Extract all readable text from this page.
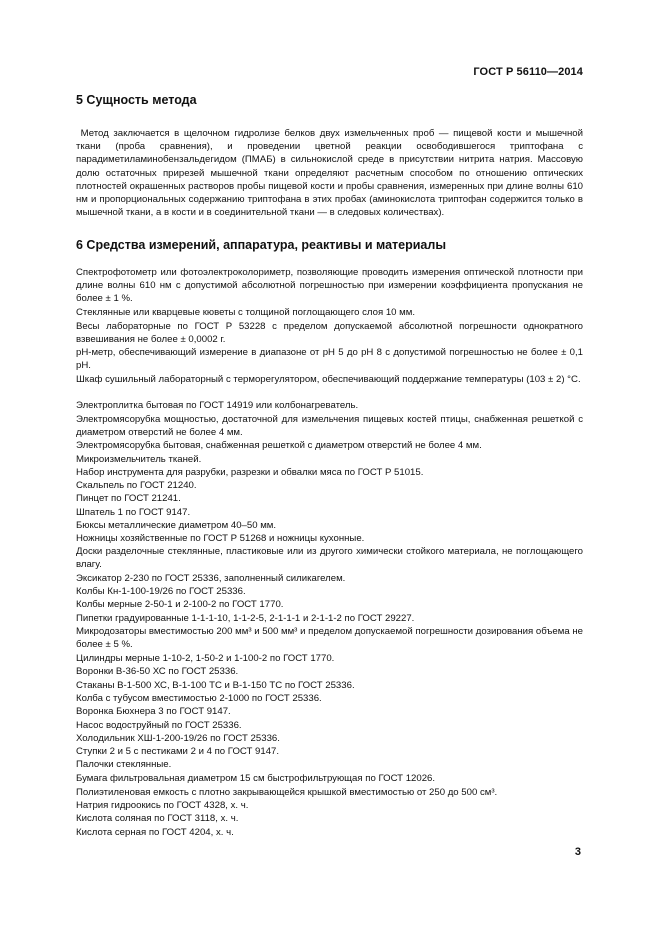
ГОСТ Р 56110—2014
5 Сущность метода
Метод заключается в щелочном гидролизе белков двух измельченных проб — пищевой кости и мышечной ткани (проба сравнения), и проведении цветной реакции освободившегося триптофана с парадиметиламинобензальдегидом (ПМАБ) в сильнокислой среде в присутствии нитрита натрия. Массовую долю остаточных прирезей мышечной ткани определяют расчетным способом по отношению оптических плотностей окрашенных растворов пробы пищевой кости и пробы сравнения, измеренных при длине волны 610 нм и пропорциональных содержанию триптофана в этих пробах (аминокислота триптофан содержится только в мышечной ткани, а в кости и в соединительной ткани — в следовых количествах).
6 Средства измерений, аппаратура, реактивы и материалы
Спектрофотометр или фотоэлектроколориметр, позволяющие проводить измерения оптической плотности при длине волны 610 нм с допустимой абсолютной погрешностью при измерении коэффициента пропускания не более ± 1 %.
Стеклянные или кварцевые кюветы с толщиной поглощающего слоя 10 мм.
Весы лабораторные по ГОСТ Р 53228 с пределом допускаемой абсолютной погрешности однократного взвешивания не более ± 0,0002 г.
рН-метр, обеспечивающий измерение в диапазоне от рН 5 до рН 8 с допустимой погрешностью не более ± 0,1 рН.
Шкаф сушильный лабораторный с терморегулятором, обеспечивающий поддержание температуры (103 ± 2) °С.
Электроплитка бытовая по ГОСТ 14919 или колбонагреватель.
Электромясорубка мощностью, достаточной для измельчения пищевых костей птицы, снабженная решеткой с диаметром отверстий не более 4 мм.
Электромясорубка бытовая, снабженная решеткой с диаметром отверстий не более 4 мм.
Микроизмельчитель тканей.
Набор инструмента для разрубки, разрезки и обвалки мяса по ГОСТ Р 51015.
Скальпель по ГОСТ 21240.
Пинцет по ГОСТ 21241.
Шпатель 1 по ГОСТ 9147.
Бюксы металлические диаметром 40–50 мм.
Ножницы хозяйственные по ГОСТ Р 51268 и ножницы кухонные.
Доски разделочные стеклянные, пластиковые или из другого химически стойкого материала, не поглощающего влагу.
Эксикатор 2-230 по ГОСТ 25336, заполненный силикагелем.
Колбы Кн-1-100-19/26 по ГОСТ 25336.
Колбы мерные 2-50-1 и 2-100-2 по ГОСТ 1770.
Пипетки градуированные 1-1-1-10, 1-1-2-5, 2-1-1-1 и 2-1-1-2 по ГОСТ 29227.
Микродозаторы вместимостью 200 мм³ и 500 мм³ и пределом допускаемой погрешности дозирования объема не более ± 5 %.
Цилиндры мерные 1-10-2, 1-50-2 и 1-100-2 по ГОСТ 1770.
Воронки В-36-50 ХС по ГОСТ 25336.
Стаканы В-1-500 ХС, В-1-100 ТС и В-1-150 ТС по ГОСТ 25336.
Колба с тубусом вместимостью 2-1000 по ГОСТ 25336.
Воронка Бюхнера 3 по ГОСТ 9147.
Насос водоструйный по ГОСТ 25336.
Холодильник ХШ-1-200-19/26 по ГОСТ 25336.
Ступки 2 и 5 с пестиками 2 и 4 по ГОСТ 9147.
Палочки стеклянные.
Бумага фильтровальная диаметром 15 см быстрофильтрующая по ГОСТ 12026.
Полиэтиленовая емкость с плотно закрывающейся крышкой вместимостью от 250 до 500 см³.
Натрия гидроокись по ГОСТ 4328, х. ч.
Кислота соляная по ГОСТ 3118, х. ч.
Кислота серная по ГОСТ 4204, х. ч.
3
